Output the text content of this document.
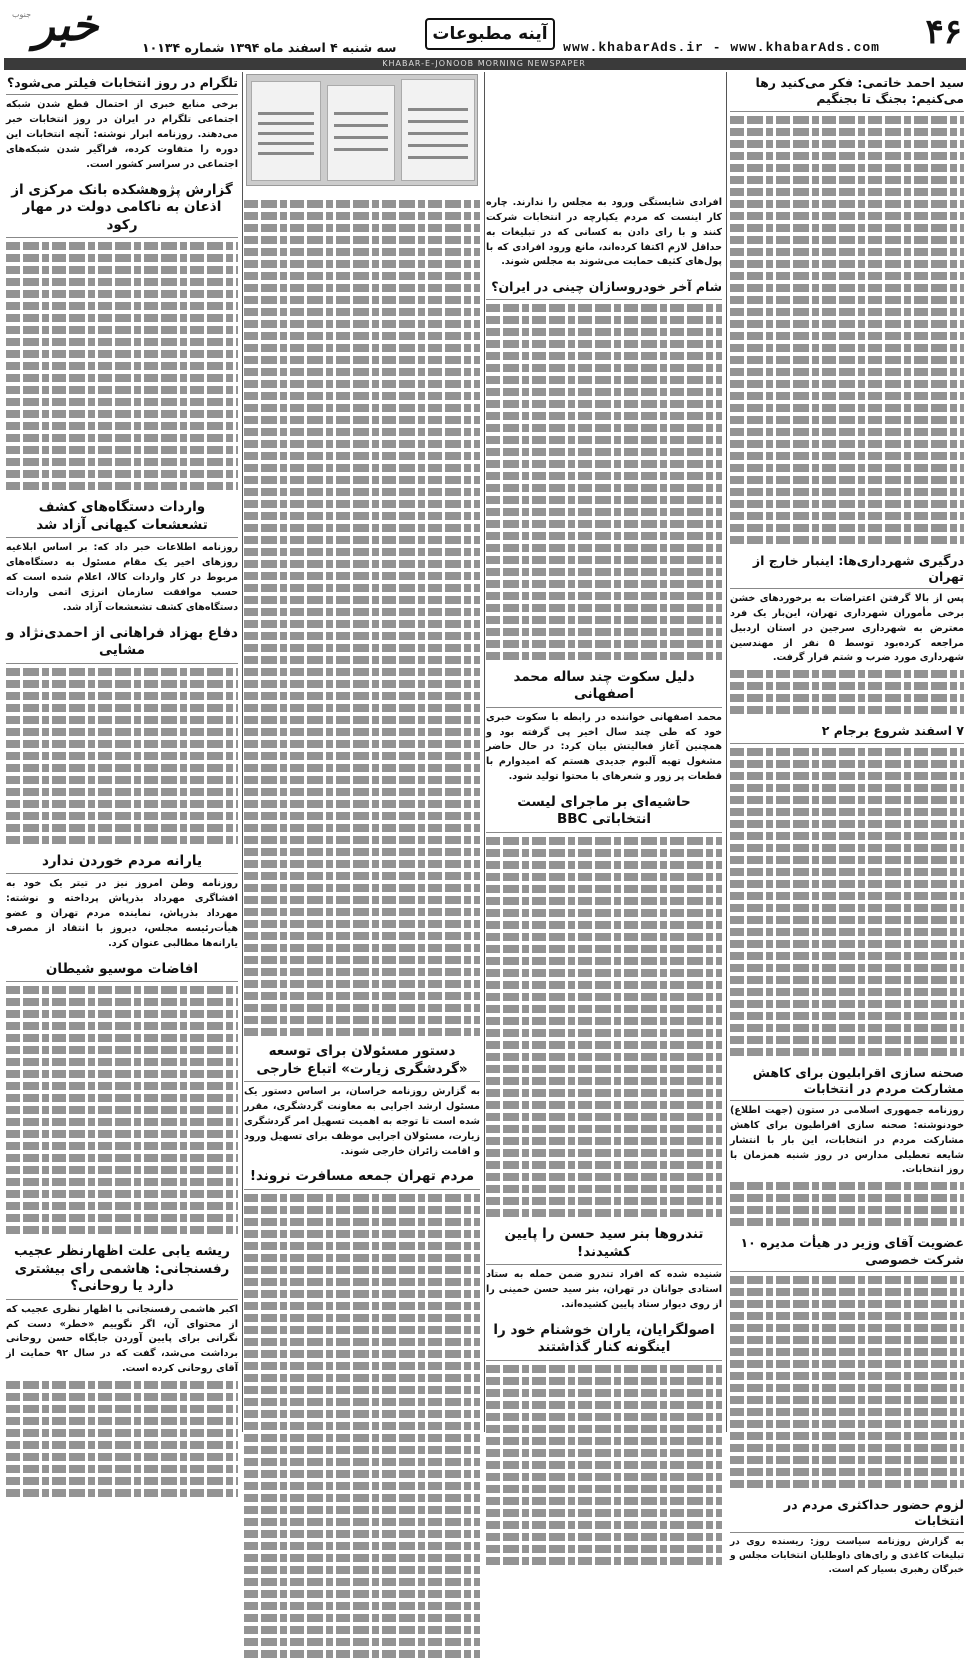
۴۶
www.khabarAds.ir - www.khabarAds.com
آینه مطبوعات
سه شنبه ۴ اسفند ماه ۱۳۹۴ شماره ۱۰۱۳۴
جنوب خبر
KHABAR-E-JONOOB MORNING NEWSPAPER
سید احمد خاتمی: فکر می‌کنید رها می‌کنیم: بجنگ تا بجنگیم
درگیری شهرداری‌ها: اینبار خارج از تهران
پس از بالا گرفتن اعتراضات به برخوردهای خشن برخی مأموران شهرداری تهران، این‌بار یک فرد معترض به شهرداری سرجین در استان اردبیل مراجعه کرده‌بود توسط ۵ نفر از مهندسین شهرداری مورد ضرب و شتم قرار گرفت.
۷ اسفند شروع برجام ۲
صحنه سازی اقرابلیون برای کاهش مشارکت مردم در انتخابات
روزنامه جمهوری اسلامی در ستون (جهت اطلاع) خودنوشته: صحنه سازی افراطیون برای کاهش مشارکت مردم در انتخابات، این بار با انتشار شایعه تعطیلی مدارس در روز شنبه همزمان با روز انتخابات.
عضویت آقای وزیر در هیأت مدیره ۱۰ شرکت خصوصی
لزوم حضور حداکثری مردم در انتخابات
به گزارش روزنامه سیاست روز: ریسنده روی در تبلیغات کاغذی و رای‌های داوطلبان انتخابات مجلس و خبرگان رهبری بسیار کم است.
افرادی شایستگی ورود به مجلس را ندارند. چاره کار اینست که مردم یکپارچه در انتخابات شرکت کنند و با رای دادن به کسانی که در تبلیغات به حداقل لازم اکتفا کرده‌اند، مانع ورود افرادی که با پول‌های کثیف حمایت می‌شوند به مجلس شوند.
شام آخر خودروسازان چینی در ایران؟
دلیل سکوت چند ساله محمد اصفهانی
محمد اصفهانی خواننده در رابطه با سکوت خبری خود که طی چند سال اخیر پی گرفته بود و همچنین آغاز فعالیتش بیان کرد: در حال حاضر مشغول تهیه آلبوم جدیدی هستم که امیدوارم با قطعات پر زور و شعرهای با محتوا تولید شود.
حاشیه‌ای بر ماجرای لیست انتخاباتی BBC
تندروها بنر سید حسن را پایین کشیدند!
شنیده شده که افراد تندرو ضمن حمله به ستاد استادی جوانان در تهران، بنر سید حسن خمینی را از روی دیوار ستاد پایین کشیده‌اند.
اصولگرایان، یاران خوشنام خود را اینگونه کنار گذاشتند
دستور مسئولان برای توسعه «گردشگری زیارت» اتباع خارجی
به گزارش روزنامه خراسان، بر اساس دستور یک مسئول ارشد اجرایی به معاونت گردشگری، مقرر شده است تا توجه به اهمیت تسهیل امر گردشگری زیارت، مسئولان اجرایی موظف برای تسهیل ورود و اقامت زائران خارجی شوند.
مردم تهران جمعه مسافرت نروند!
تلگرام در روز انتخابات فیلتر می‌شود؟
برخی منابع خبری از احتمال قطع شدن شبکه اجتماعی تلگرام در ایران در روز انتخابات خبر می‌دهند. روزنامه ابرار نوشته: آنچه انتخابات این دوره را متفاوت کرده، فراگیر شدن شبکه‌های اجتماعی در سراسر کشور است.
گزارش پژوهشکده بانک مرکزی از اذعان به ناکامی دولت در مهار رکود
واردات دستگاه‌های کشف تشعشعات کیهانی آزاد شد
روزنامه اطلاعات خبر داد که: بر اساس ابلاغیه روزهای اخیر یک مقام مسئول به دستگاه‌های مربوط در کار واردات کالا، اعلام شده است که حسب موافقت سازمان انرژی اتمی واردات دستگاه‌های کشف تشعشعات آزاد شد.
دفاع بهزاد فراهانی از احمدی‌نژاد و مشایی
یارانه مردم خوردن ندارد
روزنامه وطن امروز نیز در تیتر یک خود به افشاگری مهرداد بذرپاش پرداخته و نوشته: مهرداد بذرپاش، نماینده مردم تهران و عضو هیأت‌رئیسه مجلس، دیروز با انتقاد از مصرف یارانه‌ها مطالبی عنوان کرد.
افاضات موسیو شیطان
ریشه یابی علت اظهارنظر عجیب رفسنجانی: هاشمی رای بیشتری دارد یا روحانی؟
اکبر هاشمی رفسنجانی با اظهار نظری عجیب که از محتوای آن، اگر نگوییم «خطر» دست کم نگرانی برای پایین آوردن جایگاه حسن روحانی برداشت می‌شد، گفت که در سال ۹۲ حمایت از آقای روحانی کرده است.
